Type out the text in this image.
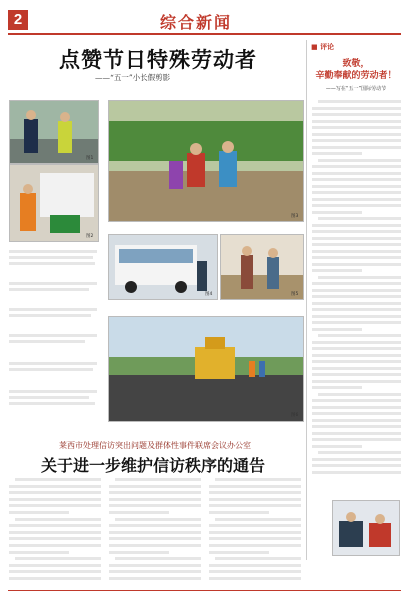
2	综合新闻
点赞节日特殊劳动者
——“五一”小长假剪影
图1
图2
图3
图4	图5
图6
■ 评论
致敬，
辛勤奉献的劳动者！
——写在“五一”国际劳动节
莱西市处理信访突出问题及群体性事件联席会议办公室
关于进一步维护信访秩序的通告
